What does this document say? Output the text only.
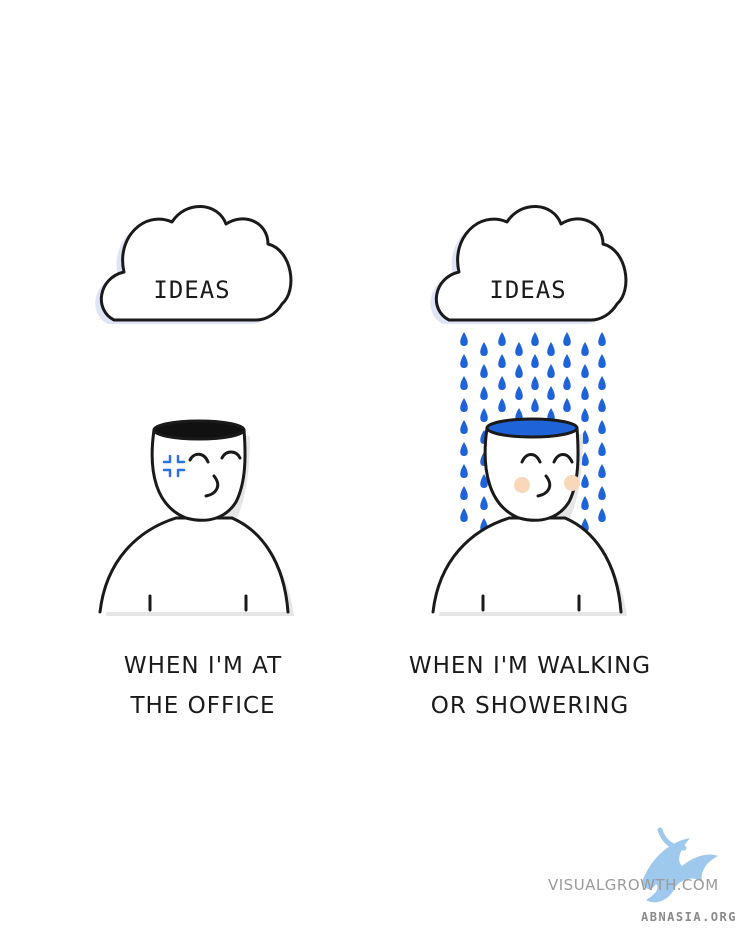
IDEAS	IDEAS
WHEN I'M AT
THE OFFICE
WHEN I'M WALKING
OR SHOWERING
VISUALGROWTH.COM
ABNASIA.ORG
